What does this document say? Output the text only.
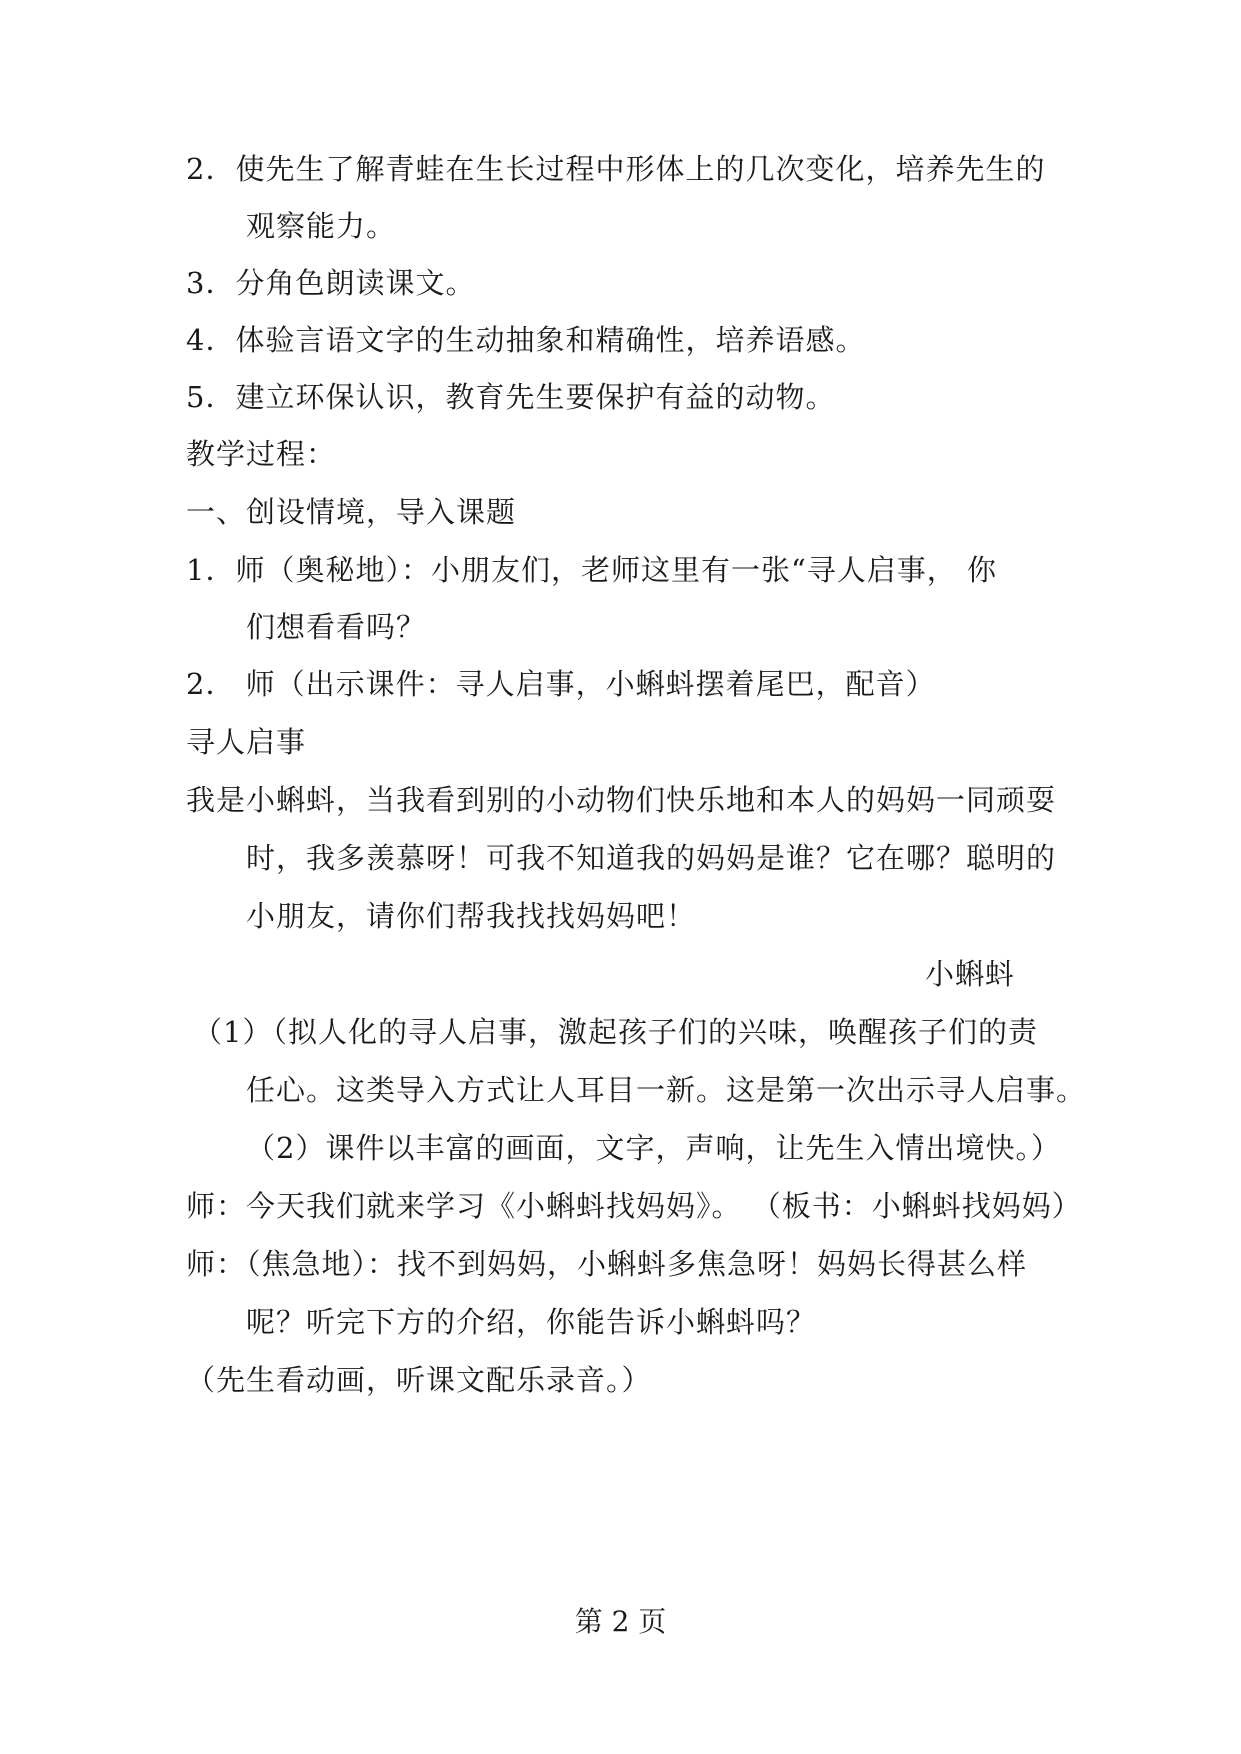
2．使先生了解青蛙在生长过程中形体上的几次变化，培养先生的
观察能力。
3．分角色朗读课文。
4．体验言语文字的生动抽象和精确性，培养语感。
5．建立环保认识，教育先生要保护有益的动物。
教学过程：
一、创设情境，导入课题
1．师（奥秘地）：小朋友们，老师这里有一张“寻人启事， 你
们想看看吗？
2． 师（出示课件：寻人启事，小蝌蚪摆着尾巴，配音）
寻人启事
我是小蝌蚪，当我看到别的小动物们快乐地和本人的妈妈一同顽耍
时，我多羡慕呀！可我不知道我的妈妈是谁？它在哪？聪明的
小朋友，请你们帮我找找妈妈吧！
小蝌蚪
（1）（拟人化的寻人启事，激起孩子们的兴味，唤醒孩子们的责
任心。这类导入方式让人耳目一新。这是第一次出示寻人启事。
（2）课件以丰富的画面，文字，声响，让先生入情出境快。）
师：今天我们就来学习《小蝌蚪找妈妈》。 （板书：小蝌蚪找妈妈）
师：（焦急地）：找不到妈妈，小蝌蚪多焦急呀！妈妈长得甚么样
呢？听完下方的介绍，你能告诉小蝌蚪吗？
（先生看动画，听课文配乐录音。）
第 2 页
